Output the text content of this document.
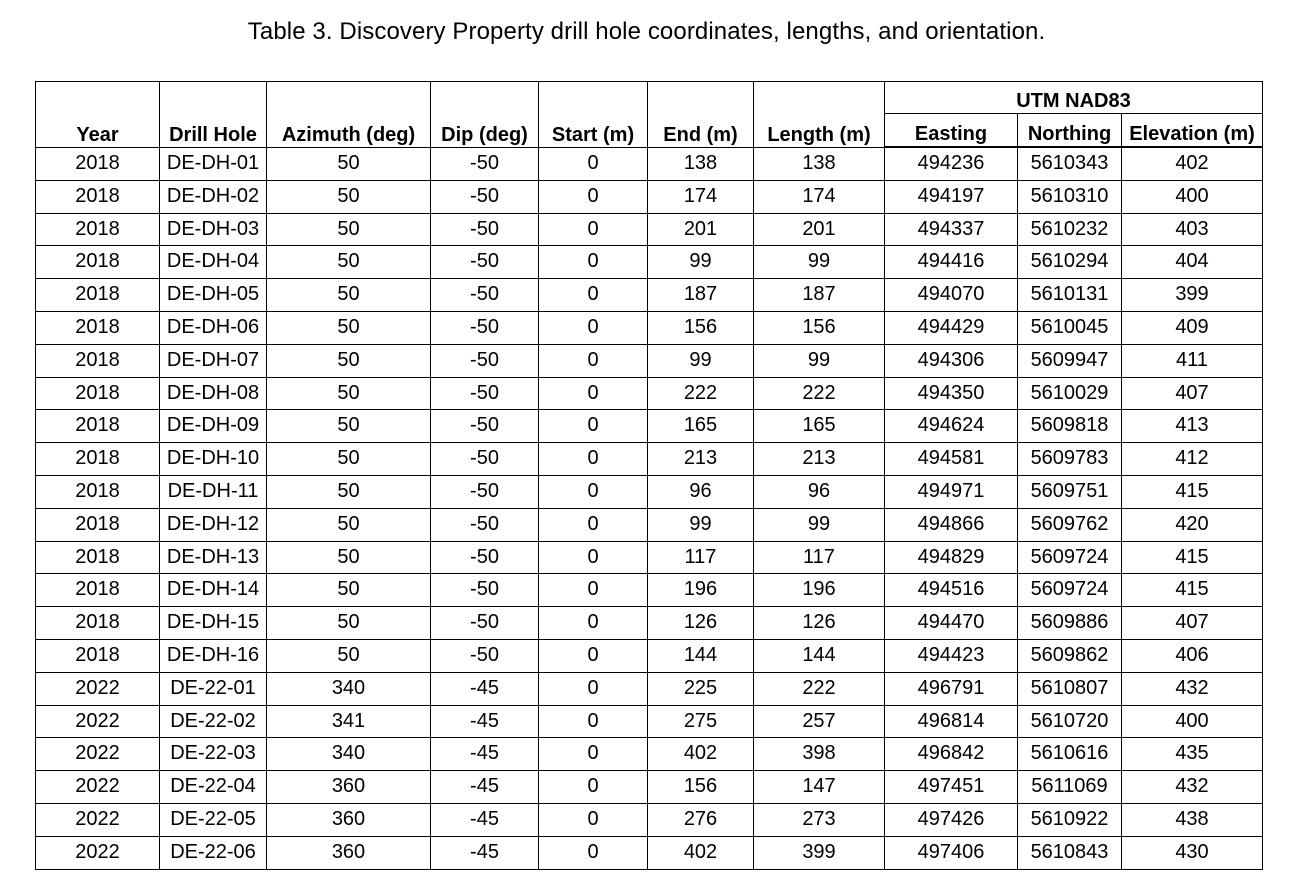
Table 3. Discovery Property drill hole coordinates, lengths, and orientation.
Year	Drill Hole	Azimuth (deg)	Dip (deg)	Start (m)	End (m)	Length (m)	UTM NAD83		
							Easting	Northing	Elevation (m)
2018	DE-DH-01	50	-50	0	138	138	494236	5610343	402
2018	DE-DH-02	50	-50	0	174	174	494197	5610310	400
2018	DE-DH-03	50	-50	0	201	201	494337	5610232	403
2018	DE-DH-04	50	-50	0	99	99	494416	5610294	404
2018	DE-DH-05	50	-50	0	187	187	494070	5610131	399
2018	DE-DH-06	50	-50	0	156	156	494429	5610045	409
2018	DE-DH-07	50	-50	0	99	99	494306	5609947	411
2018	DE-DH-08	50	-50	0	222	222	494350	5610029	407
2018	DE-DH-09	50	-50	0	165	165	494624	5609818	413
2018	DE-DH-10	50	-50	0	213	213	494581	5609783	412
2018	DE-DH-11	50	-50	0	96	96	494971	5609751	415
2018	DE-DH-12	50	-50	0	99	99	494866	5609762	420
2018	DE-DH-13	50	-50	0	117	117	494829	5609724	415
2018	DE-DH-14	50	-50	0	196	196	494516	5609724	415
2018	DE-DH-15	50	-50	0	126	126	494470	5609886	407
2018	DE-DH-16	50	-50	0	144	144	494423	5609862	406
2022	DE-22-01	340	-45	0	225	222	496791	5610807	432
2022	DE-22-02	341	-45	0	275	257	496814	5610720	400
2022	DE-22-03	340	-45	0	402	398	496842	5610616	435
2022	DE-22-04	360	-45	0	156	147	497451	5611069	432
2022	DE-22-05	360	-45	0	276	273	497426	5610922	438
2022	DE-22-06	360	-45	0	402	399	497406	5610843	430
